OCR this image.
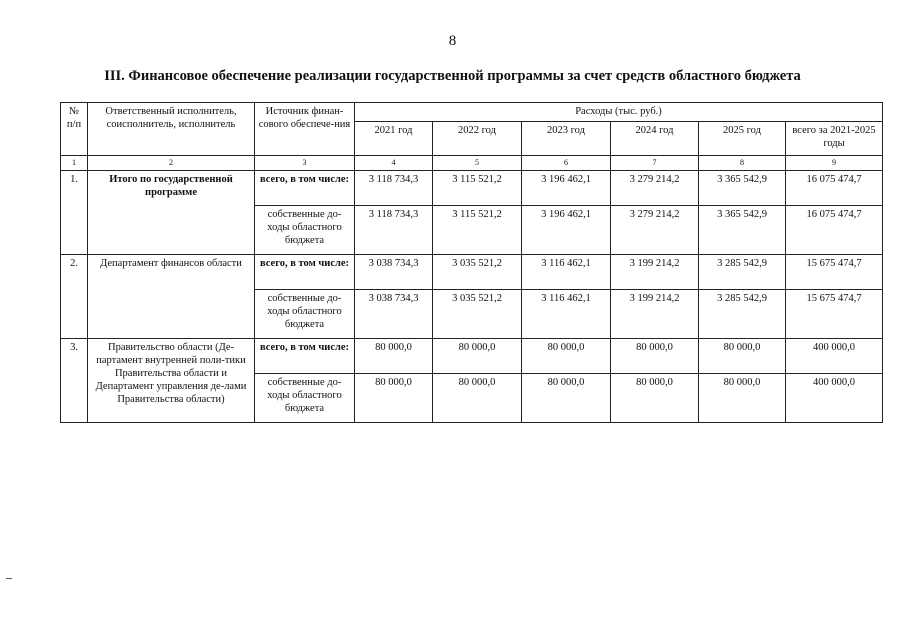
8
III. Финансовое обеспечение реализации государственной программы за счет средств областного бюджета
№ п/п	Ответственный исполнитель, соисполнитель, исполнитель	Источник финан-сового обеспече-ния	Расходы (тыс. руб.)					
			2021 год	2022 год	2023 год	2024 год	2025 год	всего за 2021-2025 годы
1	2	3	4	5	6	7	8	9
1.	Итого по государственной программе	всего, в том числе:	3 118 734,3	3 115 521,2	3 196 462,1	3 279 214,2	3 365 542,9	16 075 474,7
		собственные до-ходы областного бюджета	3 118 734,3	3 115 521,2	3 196 462,1	3 279 214,2	3 365 542,9	16 075 474,7
2.	Департамент финансов области	всего, в том числе:	3 038 734,3	3 035 521,2	3 116 462,1	3 199 214,2	3 285 542,9	15 675 474,7
		собственные до-ходы областного бюджета	3 038 734,3	3 035 521,2	3 116 462,1	3 199 214,2	3 285 542,9	15 675 474,7
3.	Правительство области (Де-партамент внутренней поли-тики Правительства области и Департамент управления де-лами Правительства области)	всего, в том числе:	80 000,0	80 000,0	80 000,0	80 000,0	80 000,0	400 000,0
		собственные до-ходы областного бюджета	80 000,0	80 000,0	80 000,0	80 000,0	80 000,0	400 000,0
